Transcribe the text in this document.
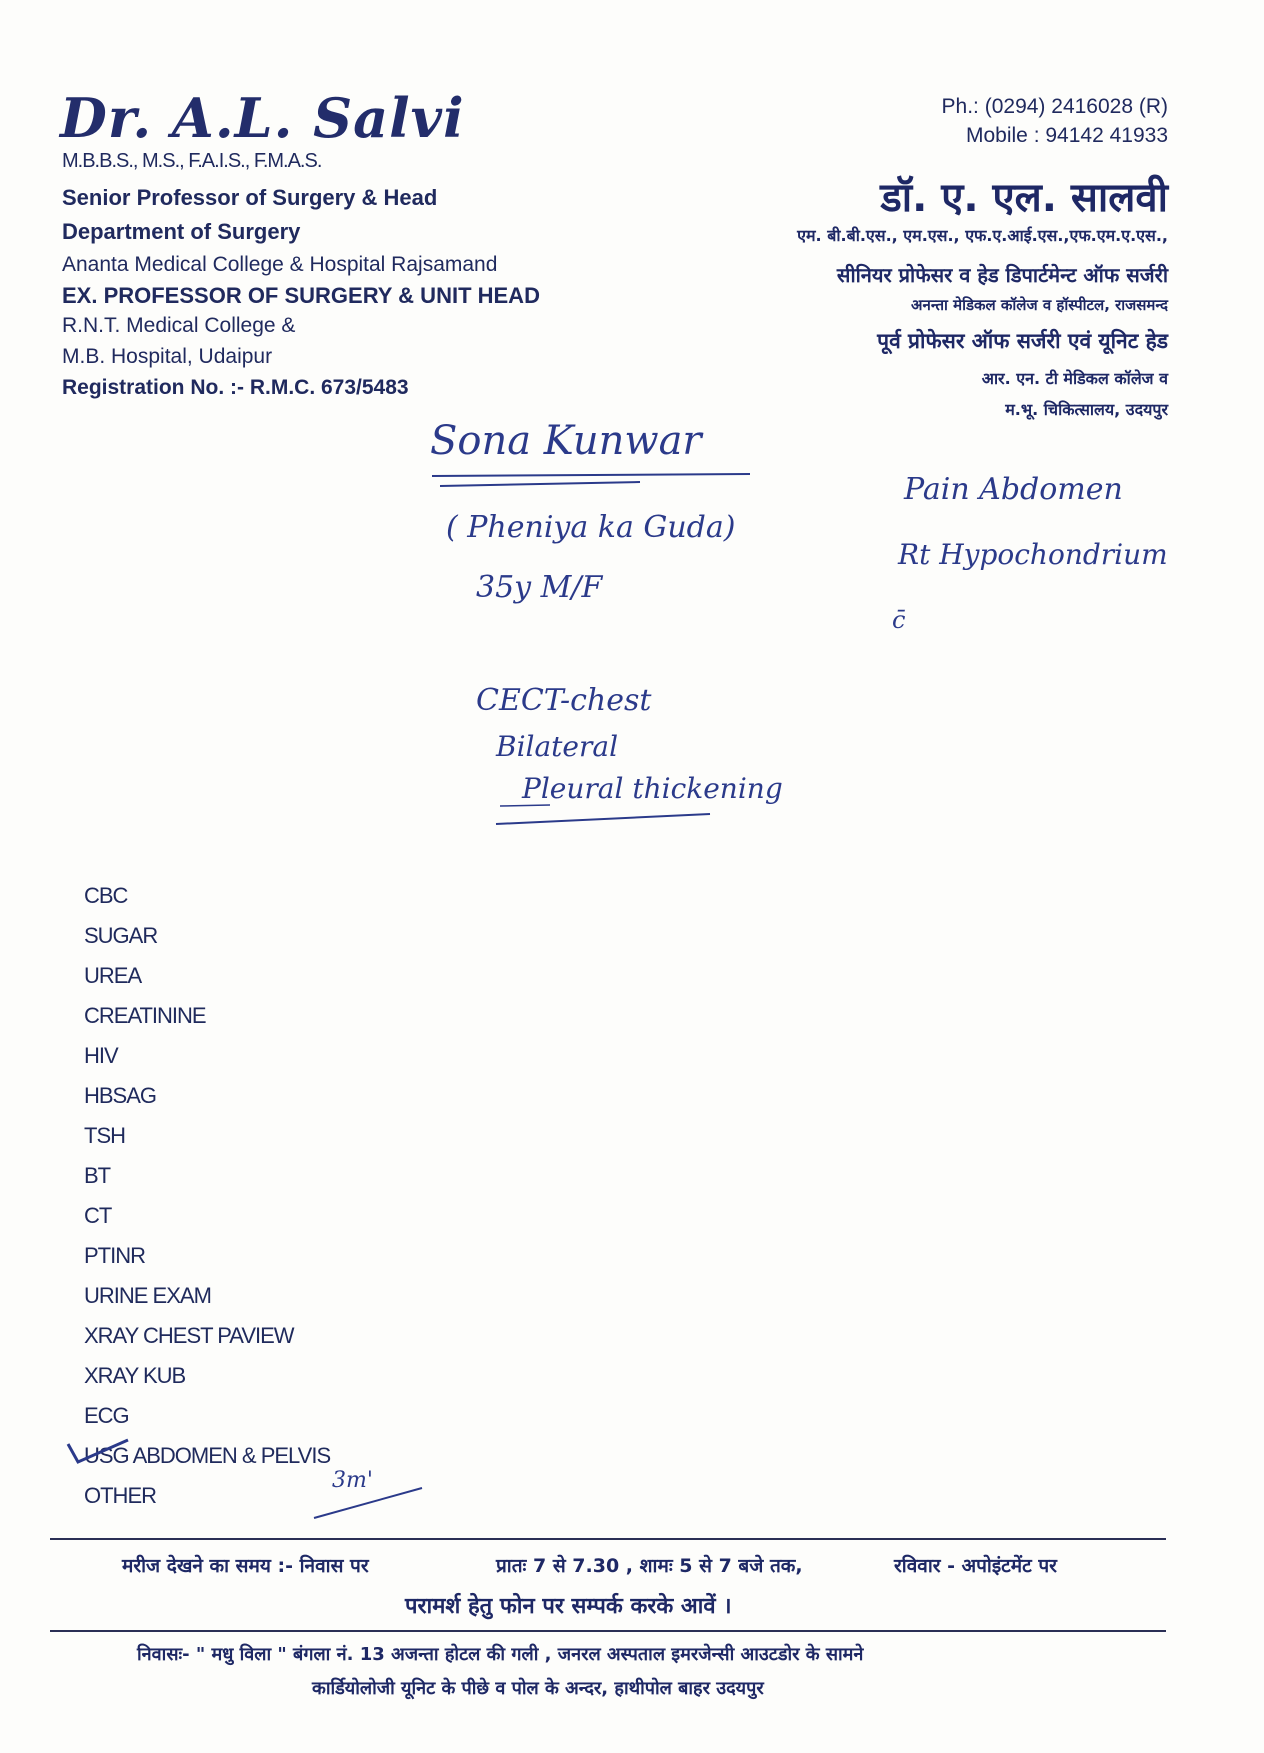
Dr. A.L. Salvi
M.B.B.S., M.S., F.A.I.S., F.M.A.S.
Senior Professor of Surgery & Head
Department of Surgery
Ananta Medical College & Hospital Rajsamand
EX. PROFESSOR OF SURGERY & UNIT HEAD
R.N.T. Medical College &
M.B. Hospital, Udaipur
Registration No. :- R.M.C. 673/5483
Ph.: (0294) 2416028 (R)
Mobile : 94142 41933
डॉ. ए. एल. सालवी
एम. बी.बी.एस., एम.एस., एफ.ए.आई.एस.,एफ.एम.ए.एस.,
सीनियर प्रोफेसर व हेड डिपार्टमेन्ट ऑफ सर्जरी
अनन्ता मेडिकल कॉलेज व हॉस्पीटल, राजसमन्द
पूर्व प्रोफेसर ऑफ सर्जरी एवं यूनिट हेड
आर. एन. टी मेडिकल कॉलेज व
म.भू. चिकित्सालय, उदयपुर
Sona Kunwar
( Pheniya ka Guda)
35y M/F
Pain Abdomen
Rt Hypochondrium
c̄
CECT-chest
Bilateral
Pleural thickening
CBC
SUGAR
UREA
CREATININE
HIV
HBSAG
TSH
BT
CT
PTINR
URINE EXAM
XRAY CHEST PAVIEW
XRAY KUB
ECG
USG ABDOMEN & PELVIS
OTHER
3m'
मरीज देखने का समय :- निवास पर	प्रातः 7 से 7.30 , शामः 5 से 7 बजे तक,	रविवार - अपोइंटमेंट पर
परामर्श हेतु फोन पर सम्पर्क करके आवें ।
निवासः- " मधु विला " बंगला नं. 13 अजन्ता होटल की गली , जनरल अस्पताल इमरजेन्सी आउटडोर के सामने
कार्डियोलोजी यूनिट के पीछे व पोल के अन्दर, हाथीपोल बाहर उदयपुर
